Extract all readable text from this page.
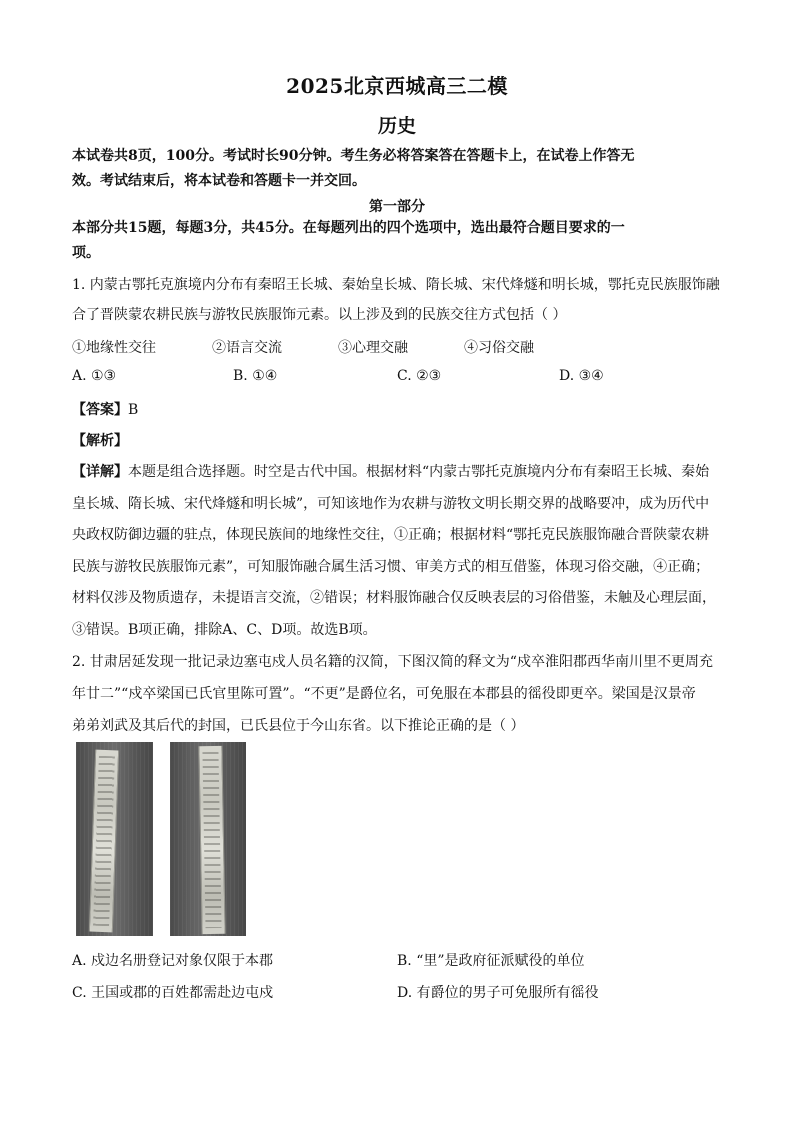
2025北京西城高三二模
历史
本试卷共8页，100分。考试时长90分钟。考生务必将答案答在答题卡上，在试卷上作答无
效。考试结束后，将本试卷和答题卡一并交回。
第一部分
本部分共15题，每题3分，共45分。在每题列出的四个选项中，选出最符合题目要求的一
项。
1. 内蒙古鄂托克旗境内分布有秦昭王长城、秦始皇长城、隋长城、宋代烽燧和明长城，鄂托克民族服饰融
合了晋陕蒙农耕民族与游牧民族服饰元素。以上涉及到的民族交往方式包括（ ）
①地缘性交往	②语言交流	③心理交融	④习俗交融
A. ①③	B. ①④	C. ②③	D. ③④
【答案】B
【解析】
【详解】本题是组合选择题。时空是古代中国。根据材料“内蒙古鄂托克旗境内分布有秦昭王长城、秦始
皇长城、隋长城、宋代烽燧和明长城”，可知该地作为农耕与游牧文明长期交界的战略要冲，成为历代中
央政权防御边疆的驻点，体现民族间的地缘性交往，①正确；根据材料“鄂托克民族服饰融合晋陕蒙农耕
民族与游牧民族服饰元素”，可知服饰融合属生活习惯、审美方式的相互借鉴，体现习俗交融，④正确；
材料仅涉及物质遗存，未提语言交流，②错误；材料服饰融合仅反映表层的习俗借鉴，未触及心理层面，
③错误。B项正确，排除A、C、D项。故选B项。
2. 甘肃居延发现一批记录边塞屯戍人员名籍的汉简，下图汉简的释文为“戍卒淮阳郡西华南川里不更周充
年廿二”“戍卒梁国已氏官里陈可置”。“不更”是爵位名，可免服在本郡县的徭役即更卒。梁国是汉景帝
弟弟刘武及其后代的封国，已氏县位于今山东省。以下推论正确的是（ ）
A. 戍边名册登记对象仅限于本郡	B. “里”是政府征派赋役的单位
C. 王国或郡的百姓都需赴边屯戍	D. 有爵位的男子可免服所有徭役
